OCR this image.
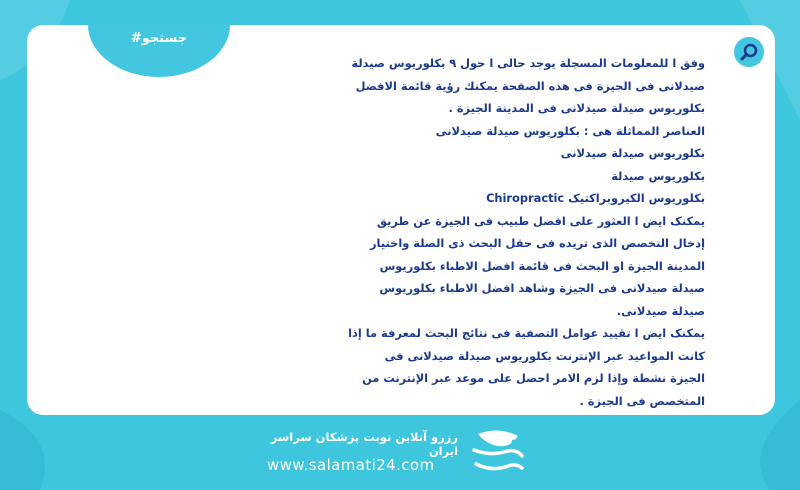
#جستجو

وفق ا للمعلومات المسجلة يوجد حالی ا حول ۹ بكلوريوس صيدلة صيدلانى فى الجيزة فى هذه الصفحة يمكنك رؤية قائمة الافضل بكلوريوس صيدلة صيدلانى فى المدينة الجيزة .

العناصر المماثلة هی : بكلوريوس صيدلة صيدلانى

بكلوريوس صيدلة صيدلانى

بكلوريوس صيدلة

بكلوريوس الكيروبراكتيک Chiropractic

يمكنک ايض ا العثور على افضل طبيب فی الجيزة عن طريق إدخال التخصص الذی تريده فی حقل البحث ذی الصلة واختيار المدينة الجيزة او البحث فی قائمة افضل الاطباء بكلوريوس صيدلة صيدلانى فی الجيزة وشاهد افضل الاطباء بكلوريوس صيدلة صيدلانى.

يمكنک ايض ا تقييد عوامل التصفية فی نتائج البحث لمعرفة ما إذا كانت المواعيد عبر الإنترنت بكلوريوس صيدلة صيدلانى فی الجيزة نشطة وإذا لزم الامر احصل على موعد عبر الإنترنت من المتخصص فی الجيزة .

رزرو آنلاین نوبت پزشکان سراسر ایران
www.salamati24.com
